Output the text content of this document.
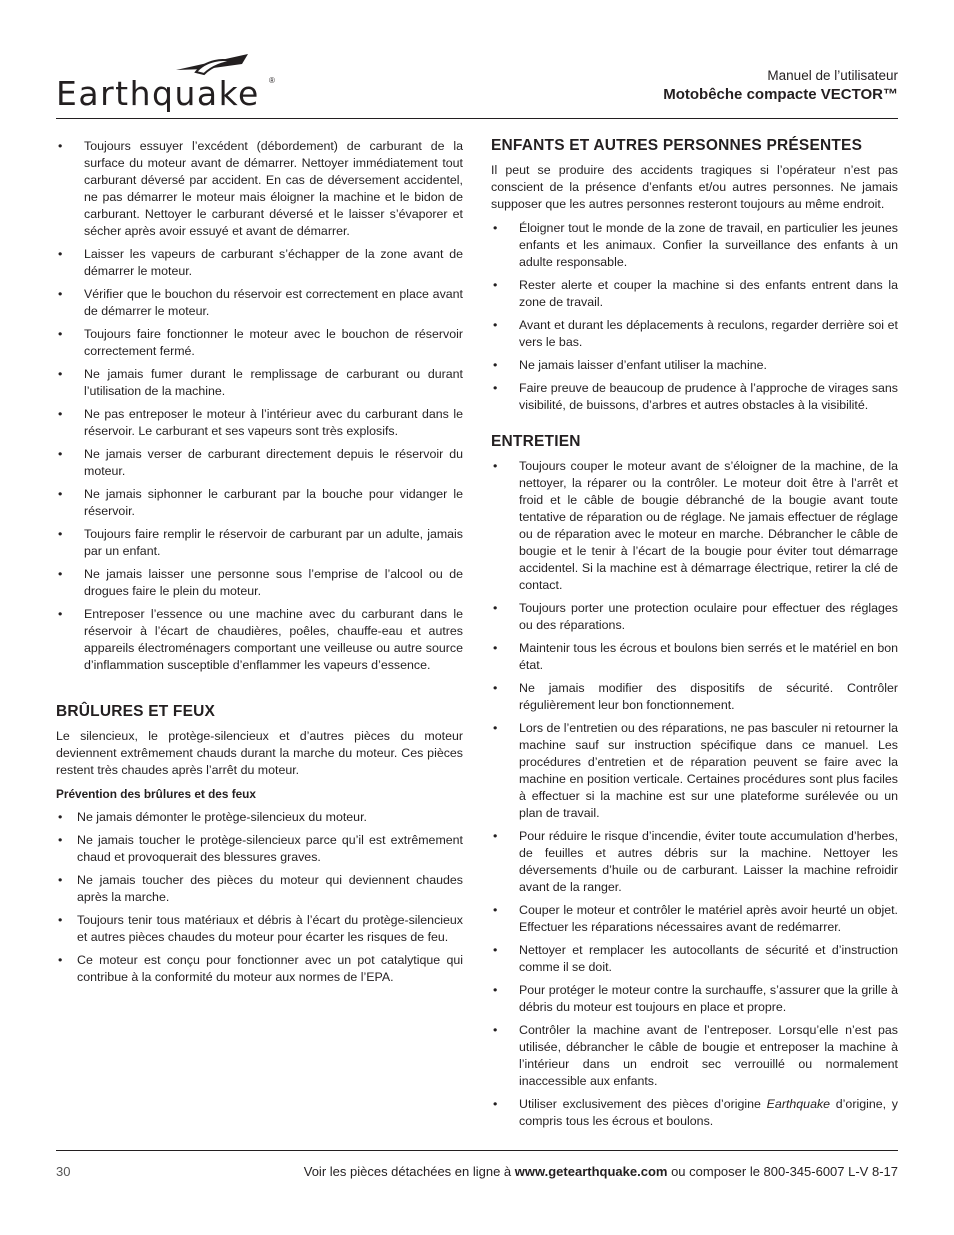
Earthquake ®	Manuel de l’utilisateur
Motobêche compacte VECTOR™
• Toujours essuyer l’excédent (débordement) de carburant de la surface du moteur avant de démarrer. Nettoyer immédiatement tout carburant déversé par accident. En cas de déversement accidentel, ne pas démarrer le moteur mais éloigner la machine et le bidon de carburant. Nettoyer le carburant déversé et le laisser s’évaporer et sécher après avoir essuyé et avant de démarrer.
• Laisser les vapeurs de carburant s’échapper de la zone avant de démarrer le moteur.
• Vérifier que le bouchon du réservoir est correctement en place avant de démarrer le moteur.
• Toujours faire fonctionner le moteur avec le bouchon de réservoir correctement fermé.
• Ne jamais fumer durant le remplissage de carburant ou durant l’utilisation de la machine.
• Ne pas entreposer le moteur à l’intérieur avec du carburant dans le réservoir. Le carburant et ses vapeurs sont très explosifs.
• Ne jamais verser de carburant directement depuis le réservoir du moteur.
• Ne jamais siphonner le carburant par la bouche pour vidanger le réservoir.
• Toujours faire remplir le réservoir de carburant par un adulte, jamais par un enfant.
• Ne jamais laisser une personne sous l’emprise de l’alcool ou de drogues faire le plein du moteur.
• Entreposer l’essence ou une machine avec du carburant dans le réservoir à l’écart de chaudières, poêles, chauffe-eau et autres appareils électroménagers comportant une veilleuse ou autre source d’inflammation susceptible d’enflammer les vapeurs d’essence.
BRÛLURES ET FEUX

Le silencieux, le protège-silencieux et d’autres pièces du moteur deviennent extrêmement chauds durant la marche du moteur. Ces pièces restent très chaudes après l’arrêt du moteur.

Prévention des brûlures et des feux

• Ne jamais démonter le protège-silencieux du moteur.
• Ne jamais toucher le protège-silencieux parce qu’il est extrêmement chaud et provoquerait des blessures graves.
• Ne jamais toucher des pièces du moteur qui deviennent chaudes après la marche.
• Toujours tenir tous matériaux et débris à l’écart du protège-silencieux et autres pièces chaudes du moteur pour écarter les risques de feu.
• Ce moteur est conçu pour fonctionner avec un pot catalytique qui contribue à la conformité du moteur aux normes de l’EPA.
ENFANTS ET AUTRES PERSONNES PRÉSENTES

Il peut se produire des accidents tragiques si l’opérateur n’est pas conscient de la présence d’enfants et/ou autres personnes. Ne jamais supposer que les autres personnes resteront toujours au même endroit.

• Éloigner tout le monde de la zone de travail, en particulier les jeunes enfants et les animaux. Confier la surveillance des enfants à un adulte responsable.
• Rester alerte et couper la machine si des enfants entrent dans la zone de travail.
• Avant et durant les déplacements à reculons, regarder derrière soi et vers le bas.
• Ne jamais laisser d’enfant utiliser la machine.
• Faire preuve de beaucoup de prudence à l’approche de virages sans visibilité, de buissons, d’arbres et autres obstacles à la visibilité.
ENTRETIEN
• Toujours couper le moteur avant de s’éloigner de la machine, de la nettoyer, la réparer ou la contrôler. Le moteur doit être à l’arrêt et froid et le câble de bougie débranché de la bougie avant toute tentative de réparation ou de réglage. Ne jamais effectuer de réglage ou de réparation avec le moteur en marche. Débrancher le câble de bougie et le tenir à l’écart de la bougie pour éviter tout démarrage accidentel. Si la machine est à démarrage électrique, retirer la clé de contact.
• Toujours porter une protection oculaire pour effectuer des réglages ou des réparations.
• Maintenir tous les écrous et boulons bien serrés et le matériel en bon état.
• Ne jamais modifier des dispositifs de sécurité. Contrôler régulièrement leur bon fonctionnement.
• Lors de l’entretien ou des réparations, ne pas basculer ni retourner la machine sauf sur instruction spécifique dans ce manuel. Les procédures d’entretien et de réparation peuvent se faire avec la machine en position verticale. Certaines procédures sont plus faciles à effectuer si la machine est sur une plateforme surélevée ou un plan de travail.
• Pour réduire le risque d’incendie, éviter toute accumulation d’herbes, de feuilles et autres débris sur la machine. Nettoyer les déversements d’huile ou de carburant. Laisser la machine refroidir avant de la ranger.
• Couper le moteur et contrôler le matériel après avoir heurté un objet. Effectuer les réparations nécessaires avant de redémarrer.
• Nettoyer et remplacer les autocollants de sécurité et d’instruction comme il se doit.
• Pour protéger le moteur contre la surchauffe, s’assurer que la grille à débris du moteur est toujours en place et propre.
• Contrôler la machine avant de l’entreposer. Lorsqu’elle n’est pas utilisée, débrancher le câble de bougie et entreposer la machine à l’intérieur dans un endroit sec verrouillé ou normalement inaccessible aux enfants.
• Utiliser exclusivement des pièces d’origine Earthquake d’origine, y compris tous les écrous et boulons.
30	Voir les pièces détachées en ligne à www.getearthquake.com ou composer le 800-345-6007 L-V 8-17
